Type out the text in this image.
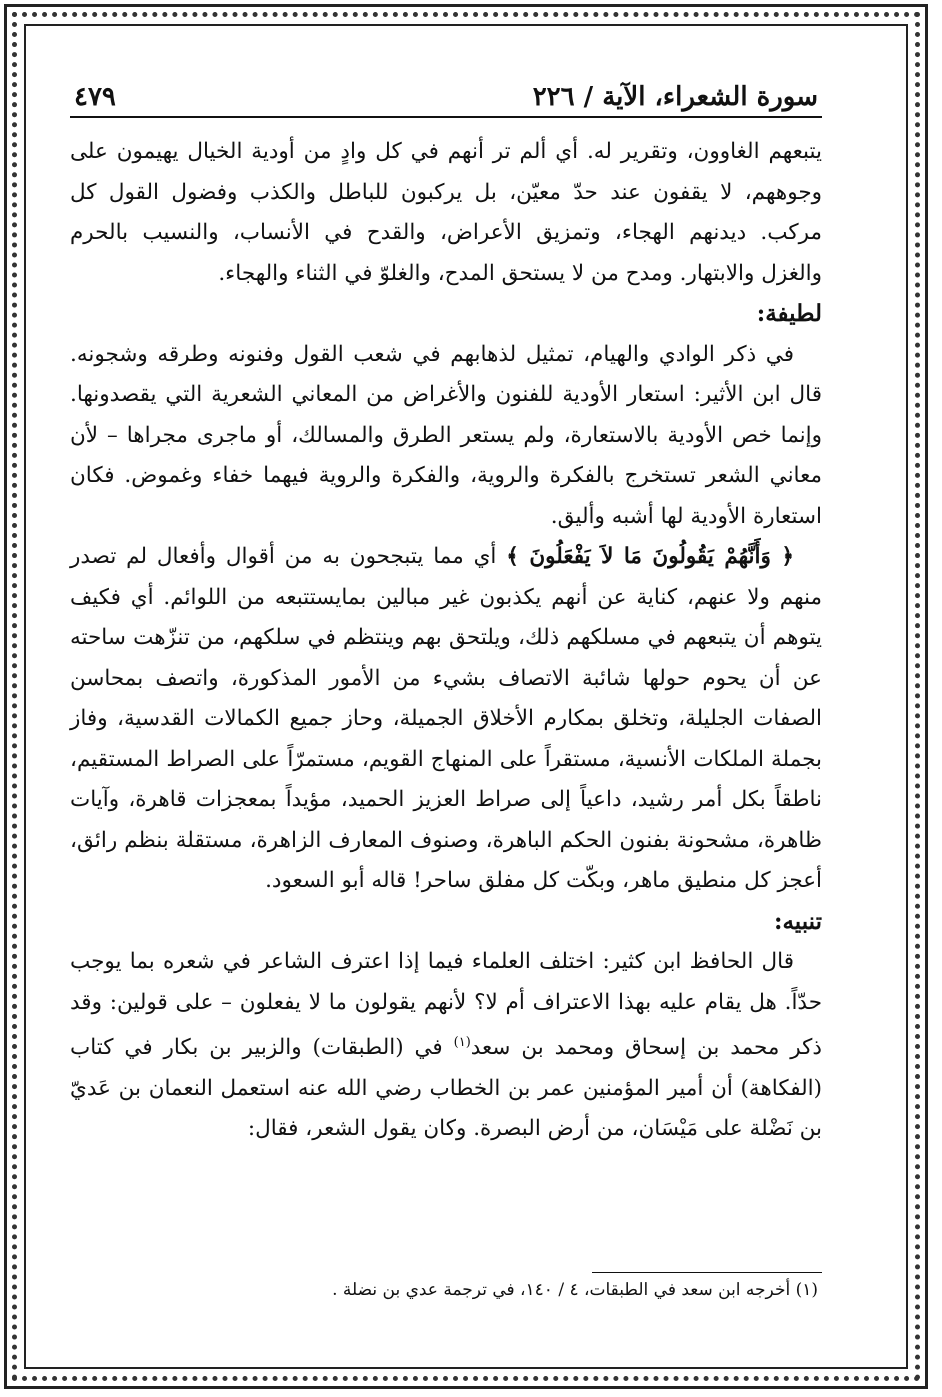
سورة الشعراء، الآية / ٢٢٦
٤٧٩

يتبعهم الغاوون، وتقرير له. أي ألم تر أنهم في كل وادٍ من أودية الخيال يهيمون على وجوههم، لا يقفون عند حدّ معيّن، بل يركبون للباطل والكذب وفضول القول كل مركب. ديدنهم الهجاء، وتمزيق الأعراض، والقدح في الأنساب، والنسيب بالحرم والغزل والابتهار. ومدح من لا يستحق المدح، والغلوّ في الثناء والهجاء.

لطيفة:

في ذكر الوادي والهيام، تمثيل لذهابهم في شعب القول وفنونه وطرقه وشجونه. قال ابن الأثير: استعار الأودية للفنون والأغراض من المعاني الشعرية التي يقصدونها. وإنما خص الأودية بالاستعارة، ولم يستعر الطرق والمسالك، أو ماجرى مجراها – لأن معاني الشعر تستخرج بالفكرة والروية، والفكرة والروية فيهما خفاء وغموض. فكان استعارة الأودية لها أشبه وأليق.

﴿ وَأَنَّهُمْ يَقُولُونَ مَا لاَ يَفْعَلُونَ ﴾ أي مما يتبجحون به من أقوال وأفعال لم تصدر منهم ولا عنهم، كناية عن أنهم يكذبون غير مبالين بمايستتبعه من اللوائم. أي فكيف يتوهم أن يتبعهم في مسلكهم ذلك، ويلتحق بهم وينتظم في سلكهم، من تنزّهت ساحته عن أن يحوم حولها شائبة الاتصاف بشيء من الأمور المذكورة، واتصف بمحاسن الصفات الجليلة، وتخلق بمكارم الأخلاق الجميلة، وحاز جميع الكمالات القدسية، وفاز بجملة الملكات الأنسية، مستقراً على المنهاج القويم، مستمرّاً على الصراط المستقيم، ناطقاً بكل أمر رشيد، داعياً إلى صراط العزيز الحميد، مؤيداً بمعجزات قاهرة، وآيات ظاهرة، مشحونة بفنون الحكم الباهرة، وصنوف المعارف الزاهرة، مستقلة بنظم رائق، أعجز كل منطيق ماهر، وبكّت كل مفلق ساحر! قاله أبو السعود.

تنبيه:

قال الحافظ ابن كثير: اختلف العلماء فيما إذا اعترف الشاعر في شعره بما يوجب حدّاً. هل يقام عليه بهذا الاعتراف أم لا؟ لأنهم يقولون ما لا يفعلون – على قولين: وقد ذكر محمد بن إسحاق ومحمد بن سعد$^{(١)}$ في (الطبقات) والزبير بن بكار في كتاب (الفكاهة) أن أمير المؤمنين عمر بن الخطاب رضي الله عنه استعمل النعمان بن عَديّ بن نَضْلة على مَيْسَان، من أرض البصرة. وكان يقول الشعر، فقال:

(١) أخرجه ابن سعد في الطبقات، ٤ / ١٤٠، في ترجمة عدي بن نضلة .
